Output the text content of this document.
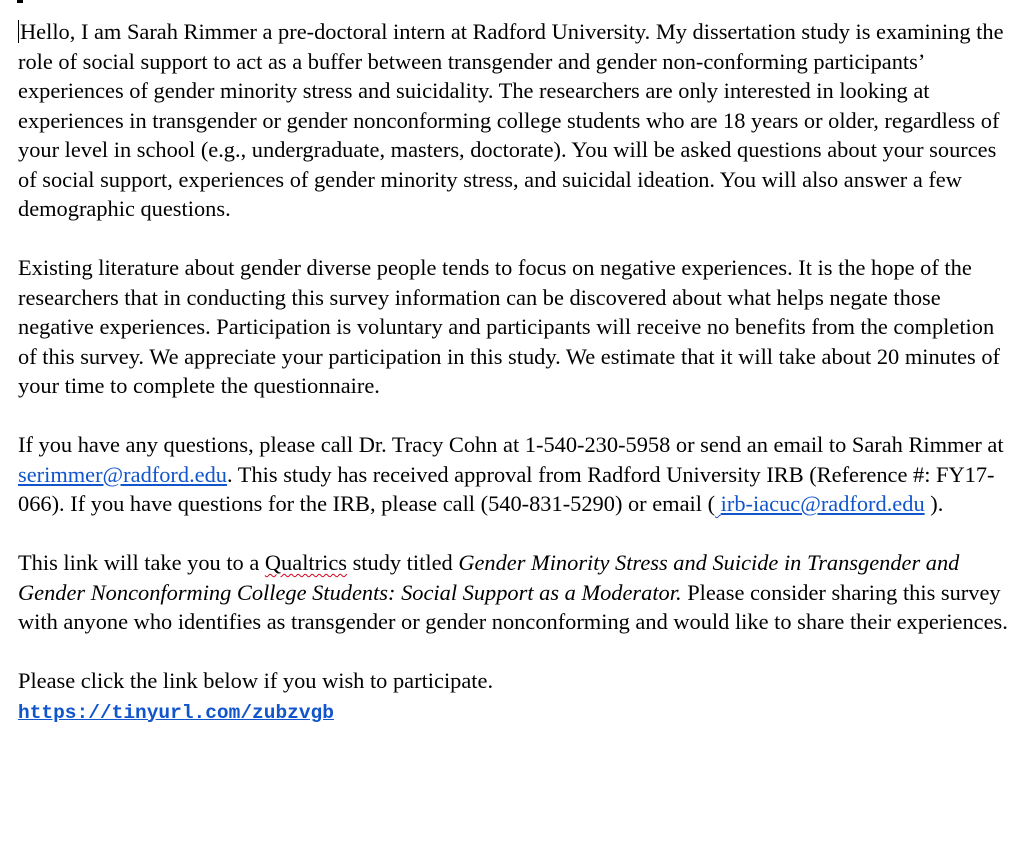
Hello, I am Sarah Rimmer a pre-doctoral intern at Radford University. My dissertation study is examining the role of social support to act as a buffer between transgender and gender non-conforming participants’ experiences of gender minority stress and suicidality. The researchers are only interested in looking at experiences in transgender or gender nonconforming college students who are 18 years or older, regardless of your level in school (e.g., undergraduate, masters, doctorate). You will be asked questions about your sources of social support, experiences of gender minority stress, and suicidal ideation. You will also answer a few demographic questions.

Existing literature about gender diverse people tends to focus on negative experiences. It is the hope of the researchers that in conducting this survey information can be discovered about what helps negate those negative experiences. Participation is voluntary and participants will receive no benefits from the completion of this survey. We appreciate your participation in this study. We estimate that it will take about 20 minutes of your time to complete the questionnaire.

If you have any questions, please call Dr. Tracy Cohn at 1-540-230-5958 or send an email to Sarah Rimmer at serimmer@radford.edu. This study has received approval from Radford University IRB (Reference #: FY17-066). If you have questions for the IRB, please call (540-831-5290) or email ( irb-iacuc@radford.edu ).

This link will take you to a Qualtrics study titled Gender Minority Stress and Suicide in Transgender and Gender Nonconforming College Students: Social Support as a Moderator. Please consider sharing this survey with anyone who identifies as transgender or gender nonconforming and would like to share their experiences.

Please click the link below if you wish to participate.
https://tinyurl.com/zubzvgb
